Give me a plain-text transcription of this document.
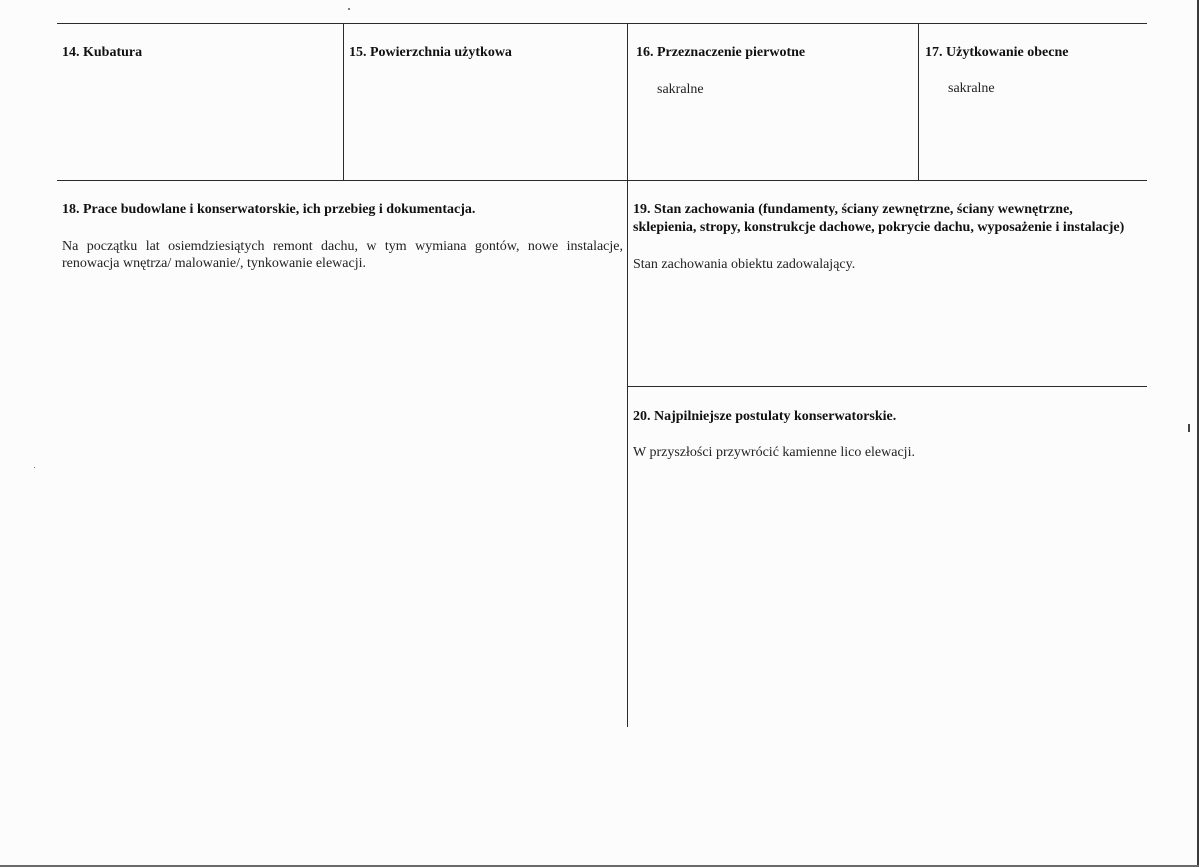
14. Kubatura	15. Powierzchnia użytkowa	16. Przeznaczenie pierwotne

sakralne

17. Użytkowanie obecne

sakralne

18. Prace budowlane i konserwatorskie, ich przebieg i dokumentacja.

Na początku lat osiemdziesiątych remont dachu, w tym wymiana gontów, nowe instalacje, renowacja wnętrza/ malowanie/, tynkowanie elewacji.

19. Stan zachowania (fundamenty, ściany zewnętrzne, ściany wewnętrzne, sklepienia, stropy, konstrukcje dachowe, pokrycie dachu, wyposażenie i instalacje)

Stan zachowania obiektu zadowalający.

20. Najpilniejsze postulaty konserwatorskie.

W przyszłości przywrócić kamienne lico elewacji.
